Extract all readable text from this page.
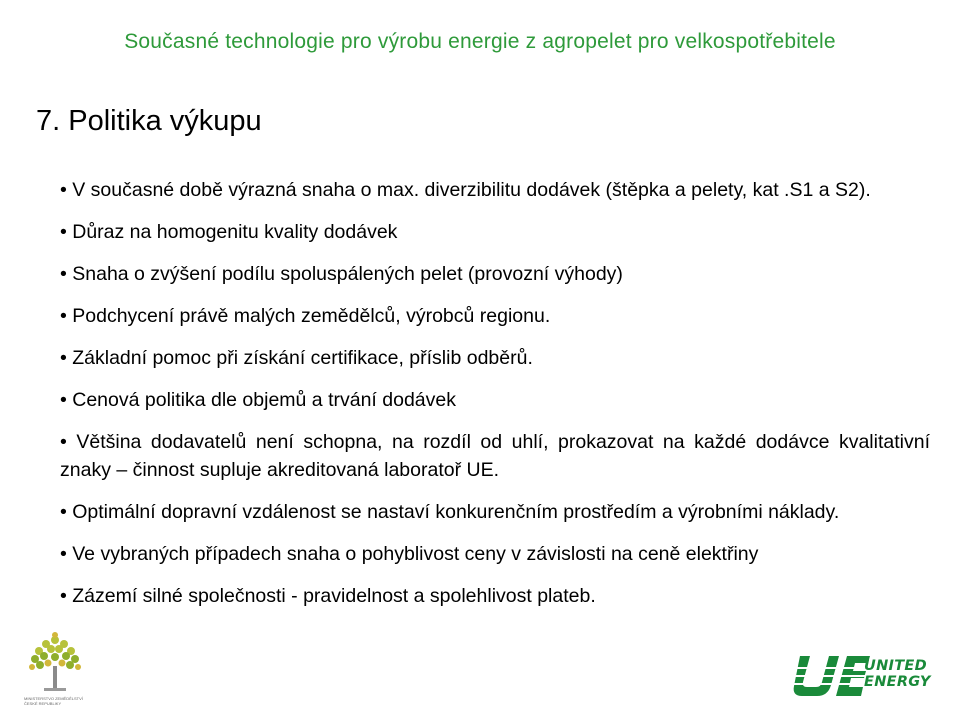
Současné technologie pro výrobu energie z agropelet pro velkospotřebitele
7. Politika výkupu
• V současné době výrazná snaha o max. diverzibilitu dodávek (štěpka a pelety, kat .S1 a S2).
• Důraz na homogenitu kvality dodávek
• Snaha o zvýšení podílu spoluspálených pelet (provozní výhody)
• Podchycení právě malých zemědělců, výrobců regionu.
• Základní pomoc při získání certifikace, příslib odběrů.
• Cenová politika dle objemů a trvání dodávek
• Většina dodavatelů není schopna, na rozdíl od uhlí, prokazovat na každé dodávce kvalitativní znaky – činnost supluje akreditovaná laboratoř UE.
• Optimální dopravní vzdálenost se nastaví konkurenčním prostředím a výrobními náklady.
• Ve vybraných případech snaha o pohyblivost ceny v závislosti na ceně elektřiny
• Zázemí silné společnosti - pravidelnost a spolehlivost plateb.
MINISTERSTVO ZEMĚDĚLSTVÍ
ČESKÉ REPUBLIKY
UNITED
ENERGY
